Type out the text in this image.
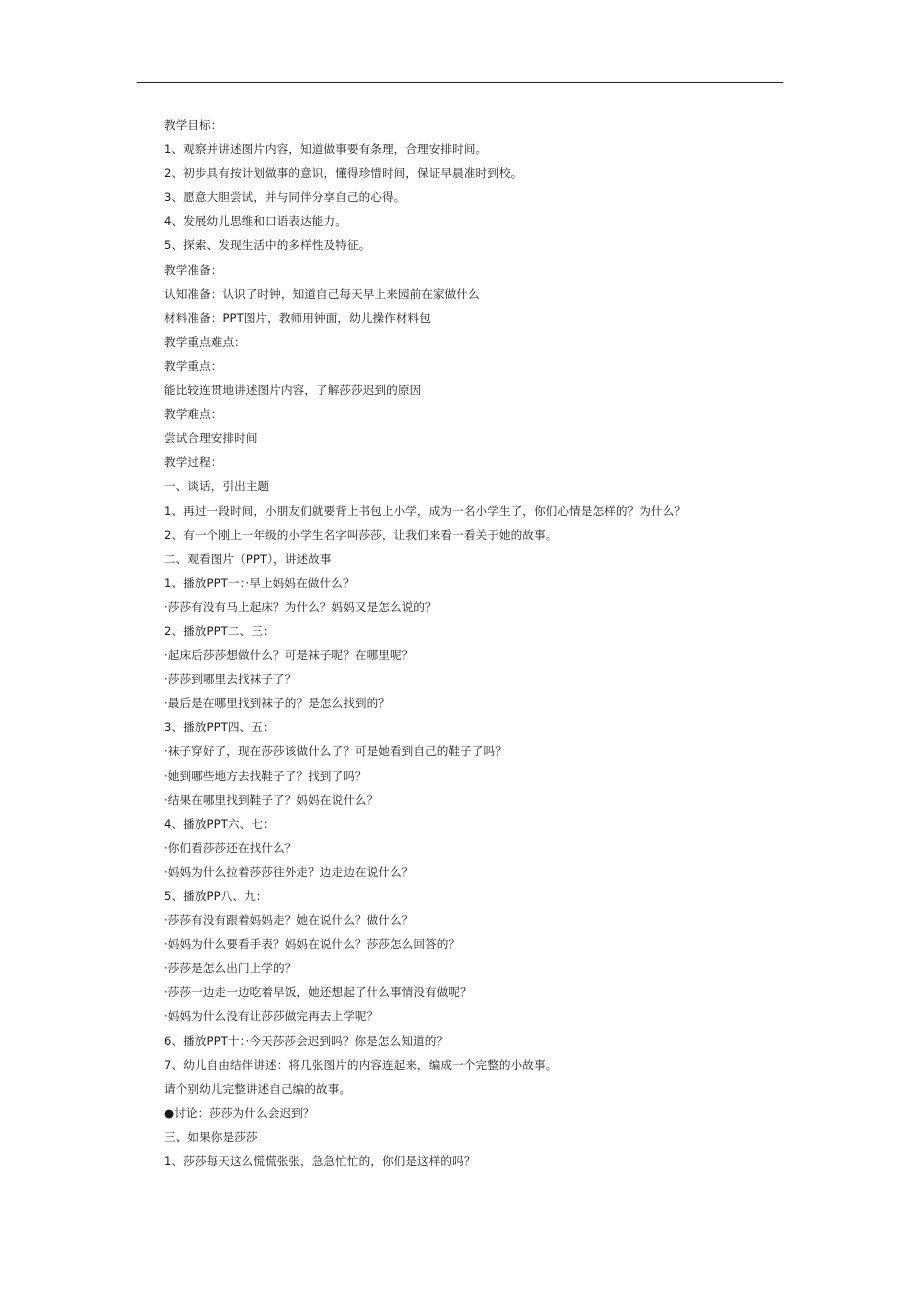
教学目标：
1、观察并讲述图片内容，知道做事要有条理，合理安排时间。
2、初步具有按计划做事的意识，懂得珍惜时间，保证早晨准时到校。
3、愿意大胆尝试，并与同伴分享自己的心得。
4、发展幼儿思维和口语表达能力。
5、探索、发现生活中的多样性及特征。
教学准备：
认知准备：认识了时钟，知道自己每天早上来园前在家做什么
材料准备：PPT图片，教师用钟面，幼儿操作材料包
教学重点难点：
教学重点：
能比较连贯地讲述图片内容，了解莎莎迟到的原因
教学难点：
尝试合理安排时间
教学过程：
一、谈话，引出主题
1、再过一段时间，小朋友们就要背上书包上小学，成为一名小学生了，你们心情是怎样的？为什么？
2、有一个刚上一年级的小学生名字叫莎莎，让我们来看一看关于她的故事。
二、观看图片（PPT），讲述故事
1、播放PPT一：·早上妈妈在做什么？
·莎莎有没有马上起床？为什么？妈妈又是怎么说的？
2、播放PPT二、三：
·起床后莎莎想做什么？可是袜子呢？在哪里呢？
·莎莎到哪里去找袜子了？
·最后是在哪里找到袜子的？是怎么找到的？
3、播放PPT四、五：
·袜子穿好了，现在莎莎该做什么了？可是她看到自己的鞋子了吗？
·她到哪些地方去找鞋子了？找到了吗？
·结果在哪里找到鞋子了？妈妈在说什么？
4、播放PPT六、七：
·你们看莎莎还在找什么？
·妈妈为什么拉着莎莎往外走？边走边在说什么？
5、播放PP八、九：
·莎莎有没有跟着妈妈走？她在说什么？做什么？
·妈妈为什么要看手表？妈妈在说什么？莎莎怎么回答的？
·莎莎是怎么出门上学的？
·莎莎一边走一边吃着早饭，她还想起了什么事情没有做呢？
·妈妈为什么没有让莎莎做完再去上学呢？
6、播放PPT十：·今天莎莎会迟到吗？你是怎么知道的？
7、幼儿自由结伴讲述：将几张图片的内容连起来，编成一个完整的小故事。
请个别幼儿完整讲述自己编的故事。
●讨论：莎莎为什么会迟到？
三、如果你是莎莎
1、莎莎每天这么慌慌张张，急急忙忙的，你们是这样的吗？
